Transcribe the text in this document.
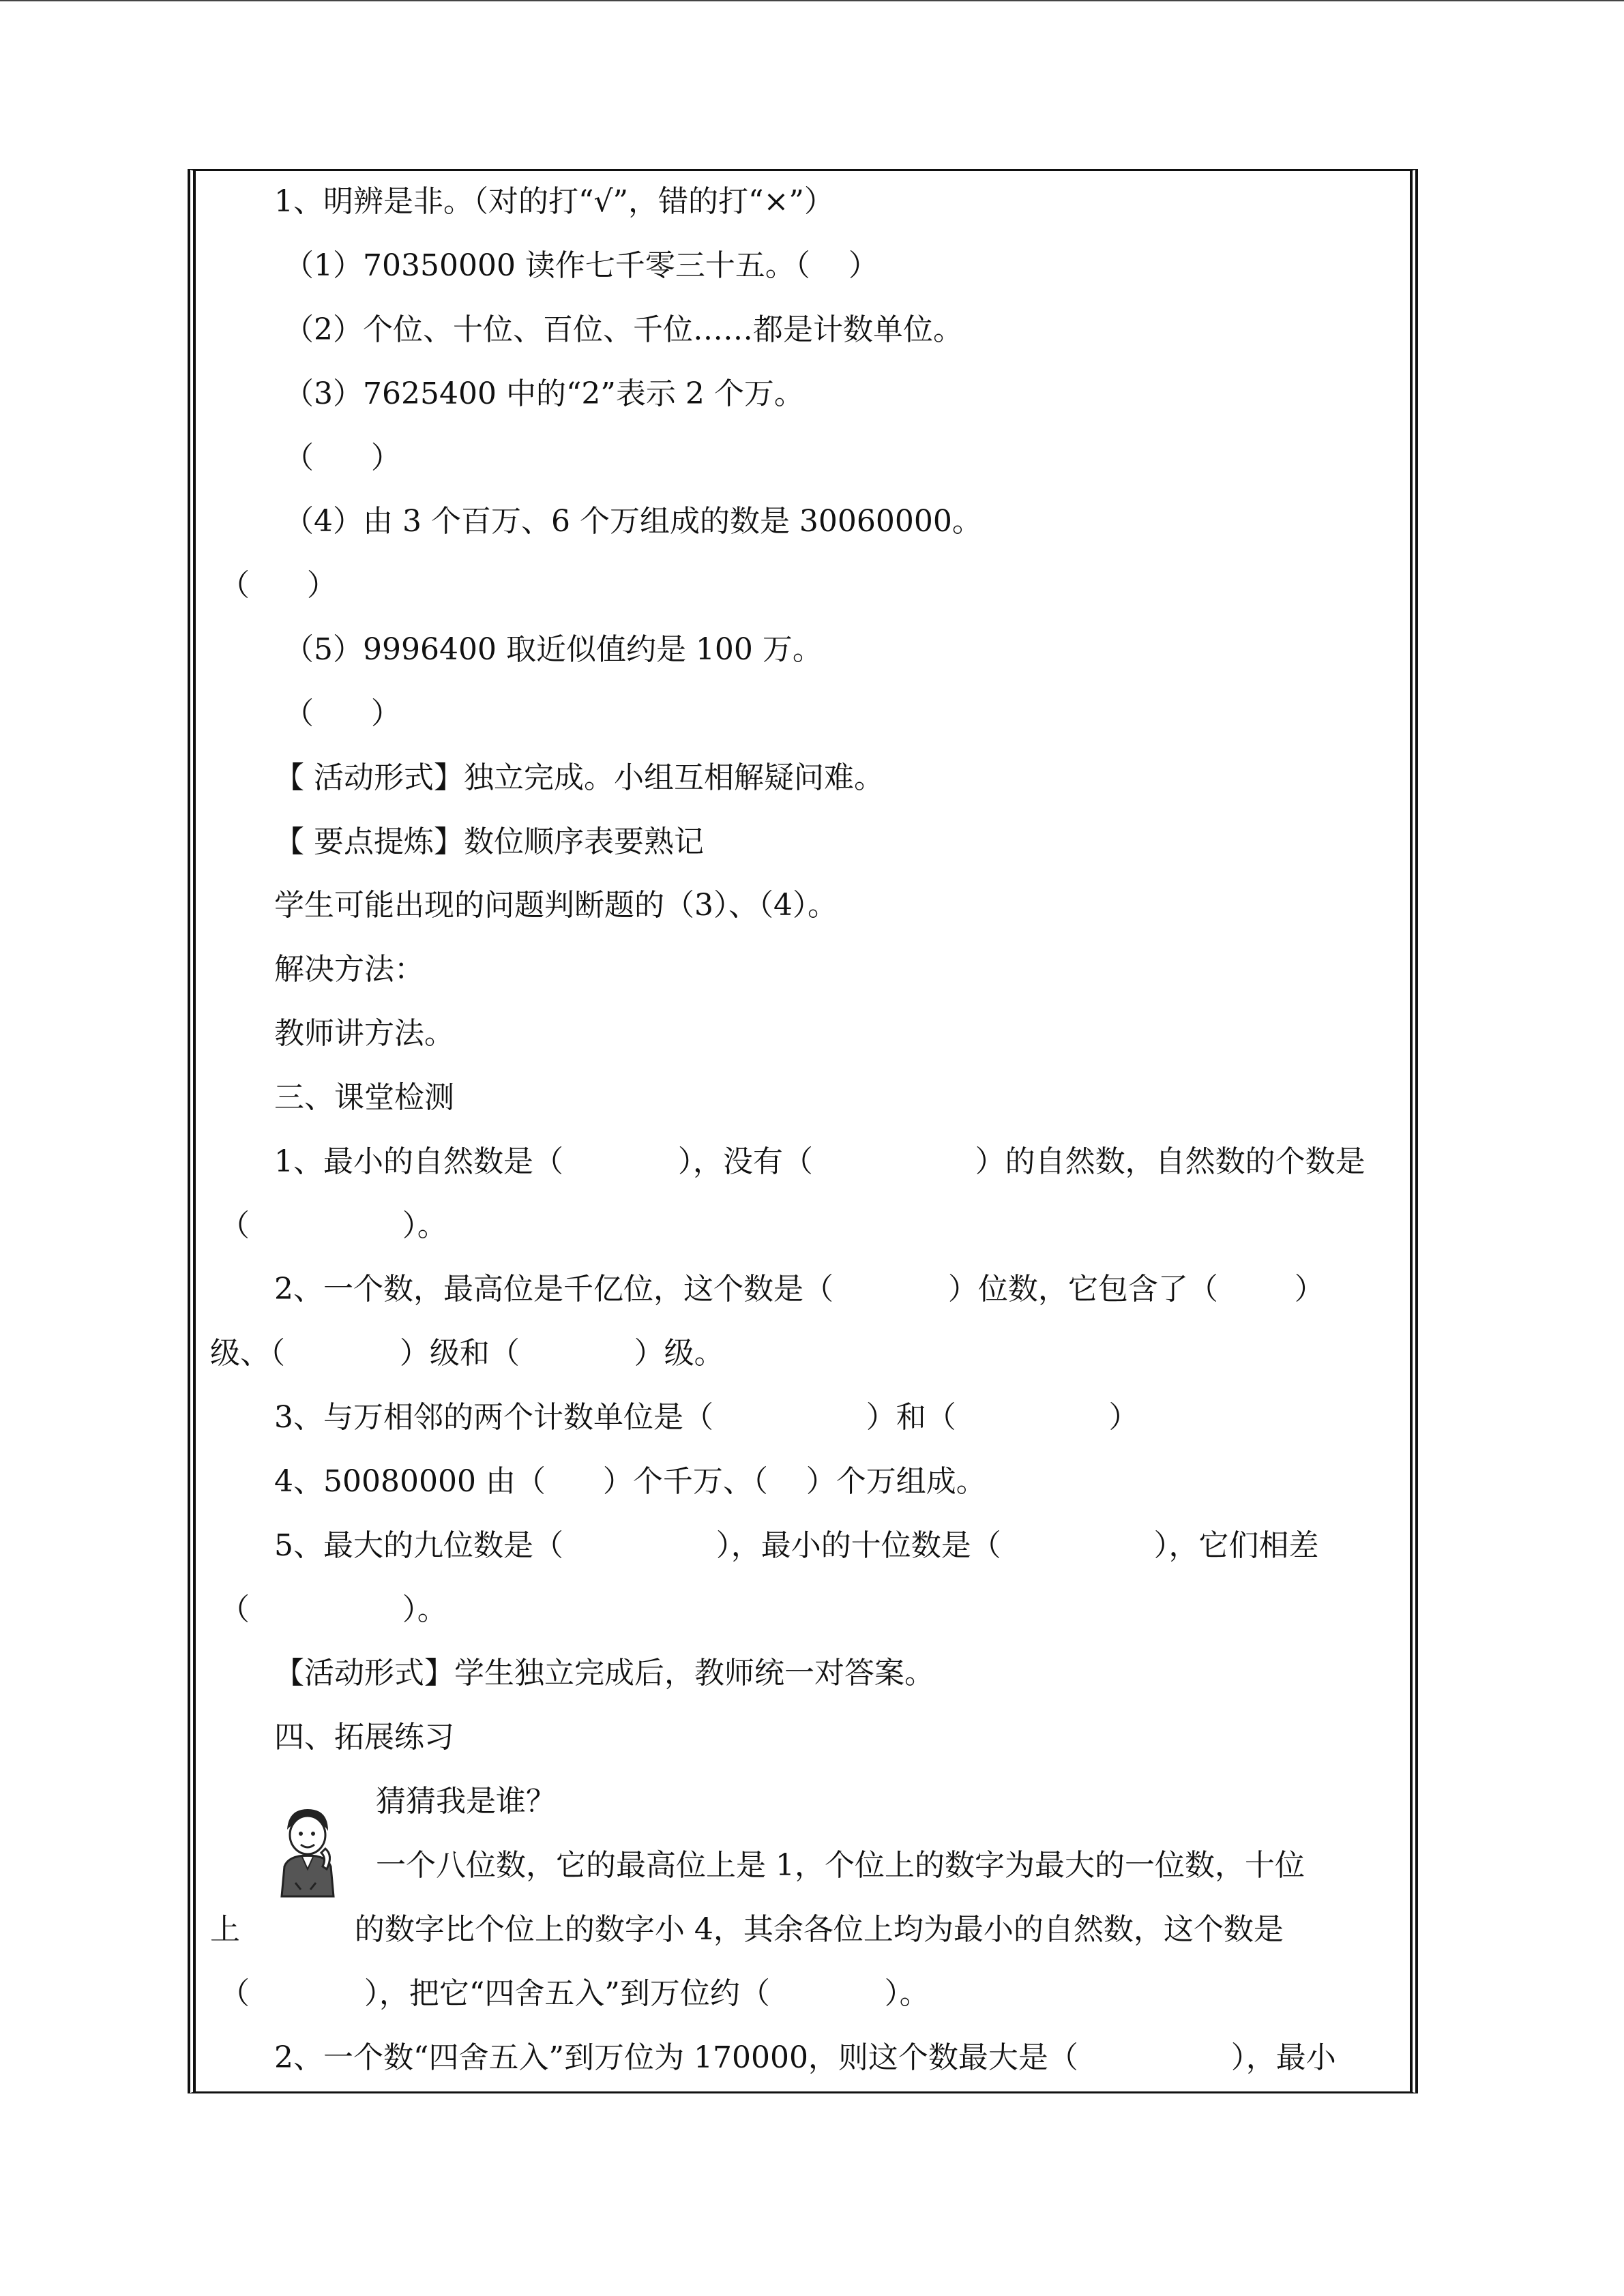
1、明辨是非。（对的打“√”，错的打“×”）
（1）70350000 读作七千零三十五。（    ）
（2）个位、十位、百位、千位……都是计数单位。
（3）7625400 中的“2”表示 2 个万。
（      ）
（4）由 3 个百万、6 个万组成的数是 30060000。
（      ）
（5）9996400 取近似值约是 100 万。
（      ）
【 活动形式】独立完成。小组互相解疑问难。
【 要点提炼】数位顺序表要熟记
学生可能出现的问题判断题的（3）、（4）。
解决方法：
教师讲方法。
三、课堂检测
1、最小的自然数是（            ），没有（                 ）的自然数，自然数的个数是
（                ）。
2、一个数，最高位是千亿位，这个数是（            ）位数，它包含了（        ）
级、（            ）级和（            ）级。
3、与万相邻的两个计数单位是（                ）和（                ）
4、50080000 由（      ）个千万、（    ）个万组成。
5、最大的九位数是（                ），最小的十位数是（                ），它们相差
（                ）。
【活动形式】学生独立完成后，教师统一对答案。
四、拓展练习
猜猜我是谁？
一个八位数，它的最高位上是 1，个位上的数字为最大的一位数，十位
上            的数字比个位上的数字小 4，其余各位上均为最小的自然数，这个数是
（            ），把它“四舍五入”到万位约（            ）。
2、一个数“四舍五入”到万位为 170000，则这个数最大是（                ），最小
